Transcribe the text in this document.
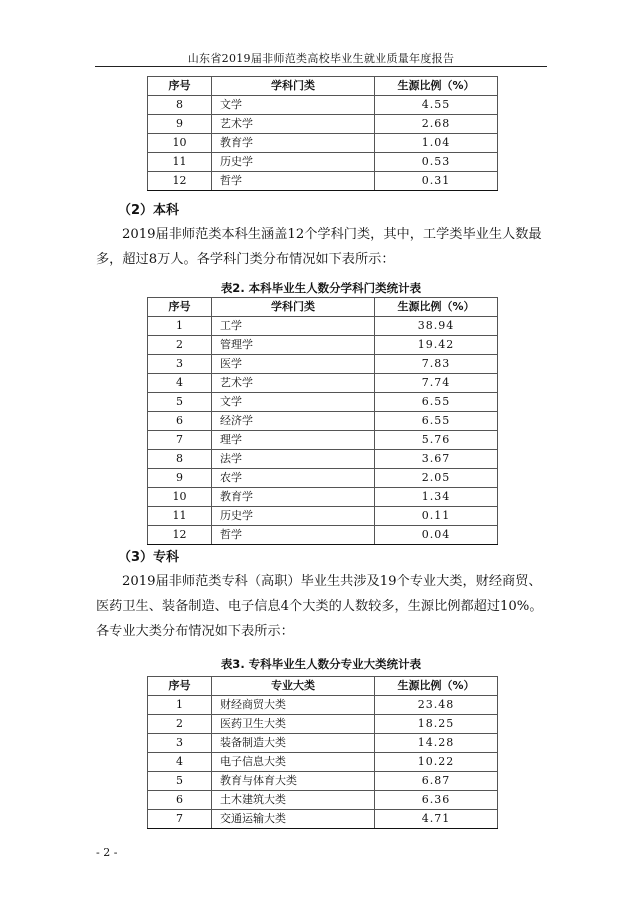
山东省2019届非师范类高校毕业生就业质量年度报告
序号	学科门类	生源比例（%）
8	文学	4.55
9	艺术学	2.68
10	教育学	1.04
11	历史学	0.53
12	哲学	0.31
（2）本科
2019届非师范类本科生涵盖12个学科门类，其中，工学类毕业生人数最多，超过8万人。各学科门类分布情况如下表所示：
表2. 本科毕业生人数分学科门类统计表
序号	学科门类	生源比例（%）
1	工学	38.94
2	管理学	19.42
3	医学	7.83
4	艺术学	7.74
5	文学	6.55
6	经济学	6.55
7	理学	5.76
8	法学	3.67
9	农学	2.05
10	教育学	1.34
11	历史学	0.11
12	哲学	0.04
（3）专科
2019届非师范类专科（高职）毕业生共涉及19个专业大类，财经商贸、医药卫生、装备制造、电子信息4个大类的人数较多，生源比例都超过10%。各专业大类分布情况如下表所示：
表3. 专科毕业生人数分专业大类统计表
序号	专业大类	生源比例（%）
1	财经商贸大类	23.48
2	医药卫生大类	18.25
3	装备制造大类	14.28
4	电子信息大类	10.22
5	教育与体育大类	6.87
6	土木建筑大类	6.36
7	交通运输大类	4.71
- 2 -
